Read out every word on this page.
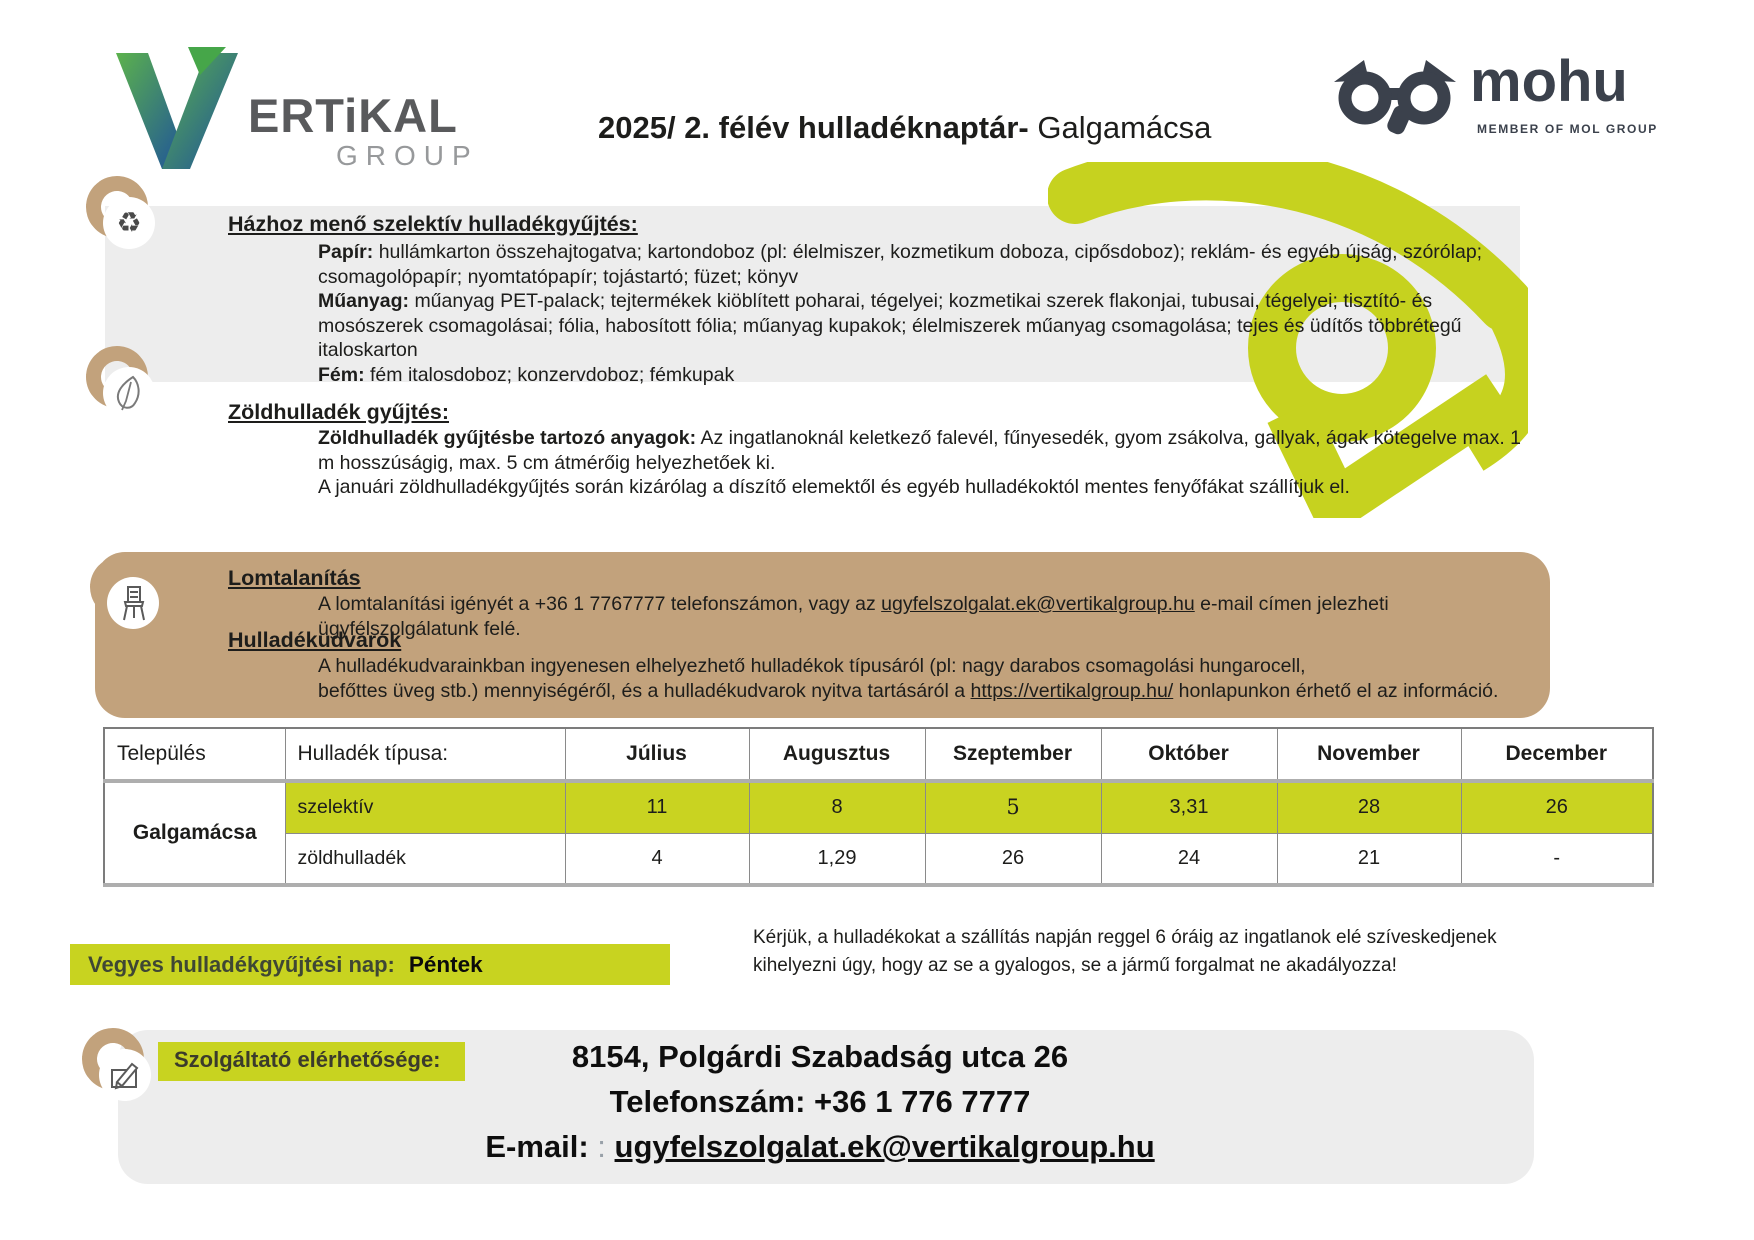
ERTiKAL
GROUP
2025/ 2. félév hulladéknaptár- Galgamácsa
mohu
MEMBER OF MOL GROUP
♻	Házhoz menő szelektív hulladékgyűjtés:

Papír: hullámkarton összehajtogatva; kartondoboz (pl: élelmiszer, kozmetikum doboza, cipősdoboz); reklám- és egyéb újság, szórólap; csomagolópapír; nyomtatópapír; tojástartó; füzet; könyv

Műanyag: műanyag PET-palack; tejtermékek kiöblített poharai, tégelyei; kozmetikai szerek flakonjai, tubusai, tégelyei; tisztító- és mosószerek csomagolásai; fólia, habosított fólia; műanyag kupakok; élelmiszerek műanyag csomagolása; tejes és üdítős többrétegű italoskarton

Fém: fém italosdoboz; konzervdoboz; fémkupak

Zöldhulladék gyűjtés:

Zöldhulladék gyűjtésbe tartozó anyagok: Az ingatlanoknál keletkező falevél, fűnyesedék, gyom zsákolva, gallyak, ágak kötegelve max. 1 m hosszúságig, max. 5 cm átmérőig helyezhetőek ki.

A januári zöldhulladékgyűjtés során kizárólag a díszítő elemektől és egyéb hulladékoktól mentes fenyőfákat szállítjuk el.

Lomtalanítás

A lomtalanítási igényét a +36 1 7767777 telefonszámon, vagy az ugyfelszolgalat.ek@vertikalgroup.hu e-mail címen jelezheti ügyfélszolgálatunk felé.

Hulladékudvarok

A hulladékudvarainkban ingyenesen elhelyezhető hulladékok típusáról (pl: nagy darabos csomagolási hungarocell,

befőttes üveg stb.) mennyiségéről, és a hulladékudvarok nyitva tartásáról a https://vertikalgroup.hu/ honlapunkon érhető el az információ.

Település	Hulladék típusa:	Július	Augusztus	Szeptember	Október	November	December
Galgamácsa	szelektív	11	8	5	3,31	28	26
	zöldhulladék	4	1,29	26	24	21	-
Vegyes hulladékgyűjtési nap: Péntek
Kérjük, a hulladékokat a szállítás napján reggel 6 óráig az ingatlanok elé szíveskedjenek kihelyezni úgy, hogy az se a gyalogos, se a jármű forgalmat ne akadályozza!
Szolgáltató elérhetősége:	8154, Polgárdi Szabadság utca 26
Telefonszám: +36 1 776 7777
E-mail: : ugyfelszolgalat.ek@vertikalgroup.hu
